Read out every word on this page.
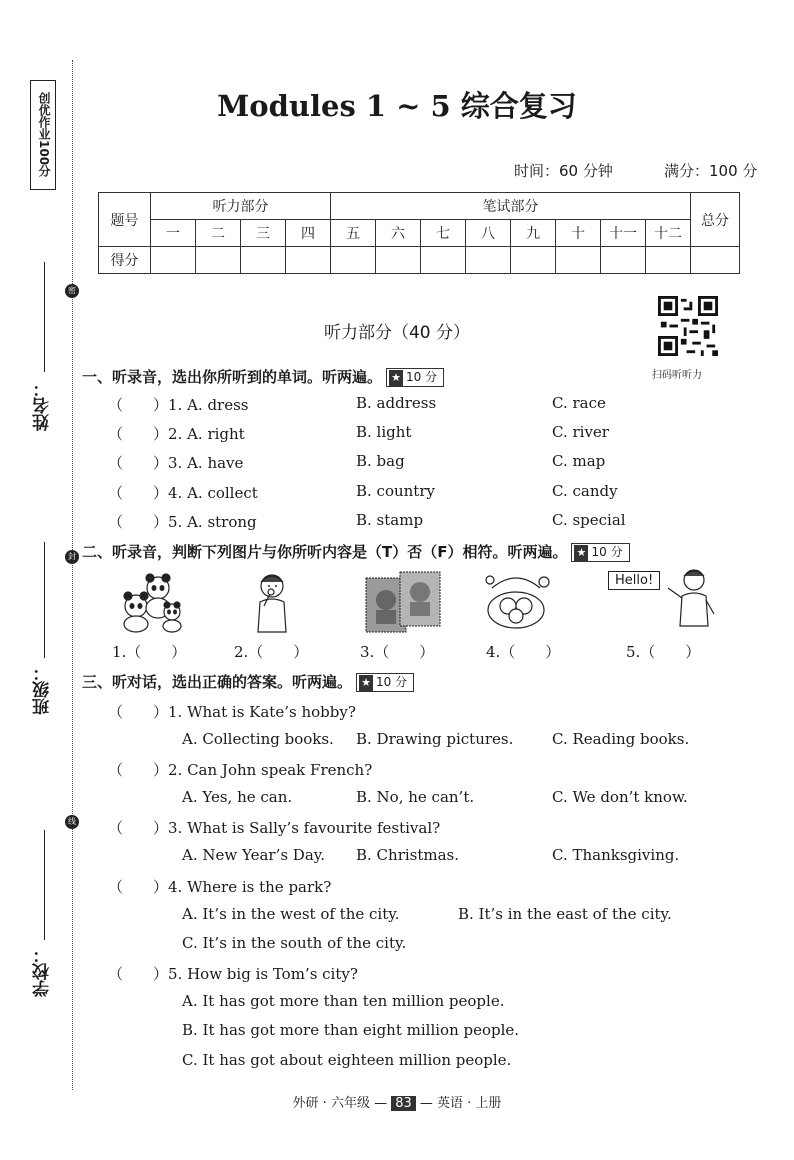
创优作业100分
密
封
线
姓名：
班级：
学校：
Modules 1 ~ 5 综合复习
时间：60 分钟	满分：100 分
题号	听力部分				笔试部分								总分
	一	二	三	四	五	六	七	八	九	十	十一	十二	
得分													
听力部分（40 分）
扫码听听力
一、听录音，选出你所听到的单词。听两遍。 ★ 10 分
（　　）1. A. dress	B. address	C. race
（　　）2. A. right	B. light	C. river
（　　）3. A. have	B. bag	C. map
（　　）4. A. collect	B. country	C. candy
（　　）5. A. strong	B. stamp	C. special
二、听录音，判断下列图片与你所听内容是（T）否（F）相符。听两遍。 ★ 10 分
Hello!
1.（　　）	2.（　　）	3.（　　）	4.（　　）	5.（　　）
三、听对话，选出正确的答案。听两遍。 ★ 10 分
（　　）1. What is Kate’s hobby?
A. Collecting books. B. Drawing pictures.	C. Reading books.
（　　）2. Can John speak French?
A. Yes, he can.	B. No, he can’t.	C. We don’t know.
（　　）3. What is Sally’s favourite festival?
A. New Year’s Day. B. Christmas.	C. Thanksgiving.
（　　）4. Where is the park?
A. It’s in the west of the city.	B. It’s in the east of the city.
C. It’s in the south of the city.
（　　）5. How big is Tom’s city?
A. It has got more than ten million people.
B. It has got more than eight million people.
C. It has got about eighteen million people.
外研 · 六年级 — 83 — 英语 · 上册
